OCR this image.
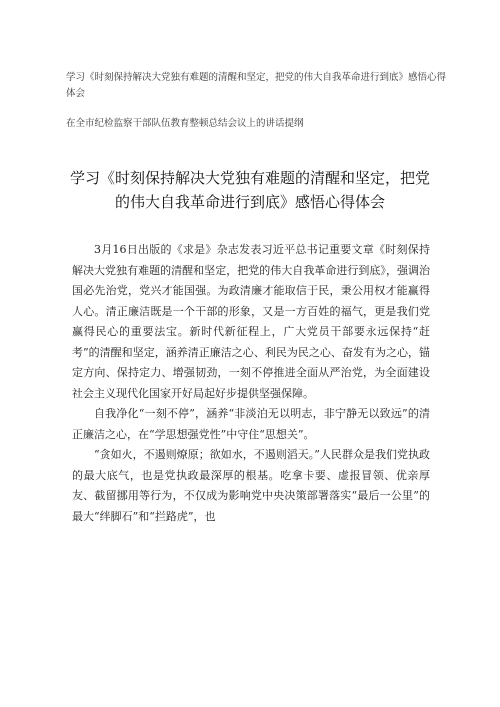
学习《时刻保持解决大党独有难题的清醒和坚定，把党的伟大自我革命进行到底》感悟心得体会
在全市纪检监察干部队伍教育整顿总结会议上的讲话提纲
学习《时刻保持解决大党独有难题的清醒和坚定，把党的伟大自我革命进行到底》感悟心得体会

3月16日出版的《求是》杂志发表习近平总书记重要文章《时刻保持解决大党独有难题的清醒和坚定，把党的伟大自我革命进行到底》，强调治国必先治党，党兴才能国强。为政清廉才能取信于民，秉公用权才能赢得人心。清正廉洁既是一个干部的形象，又是一方百姓的福气，更是我们党赢得民心的重要法宝。新时代新征程上，广大党员干部要永远保持“赶考”的清醒和坚定，涵养清正廉洁之心、利民为民之心、奋发有为之心，锚定方向、保持定力、增强韧劲，一刻不停推进全面从严治党，为全面建设社会主义现代化国家开好局起好步提供坚强保障。

自我净化“一刻不停”，涵养“非淡泊无以明志，非宁静无以致远”的清正廉洁之心，在“学思想强党性”中守住“思想关”。

“贪如火，不遏则燎原；欲如水，不遏则滔天。”人民群众是我们党执政的最大底气，也是党执政最深厚的根基。吃拿卡要、虚报冒领、优亲厚友、截留挪用等行为，不仅成为影响党中央决策部署落实“最后一公里”的最大“绊脚石”和“拦路虎”，也
